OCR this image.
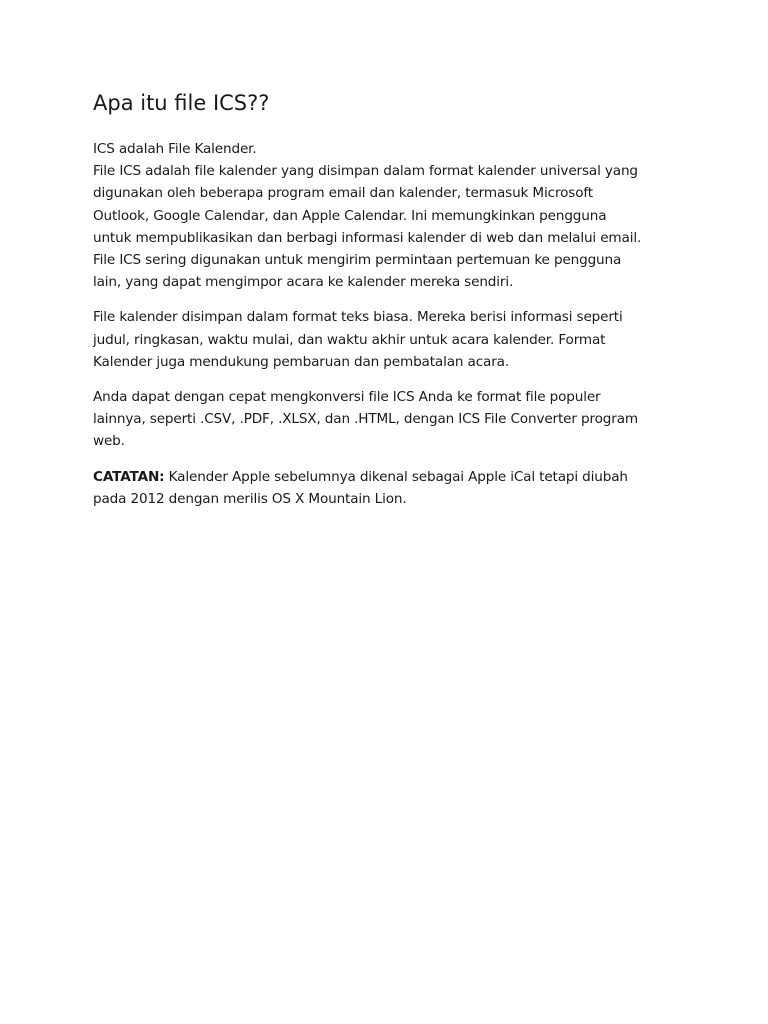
Apa itu file ICS??

ICS adalah File Kalender.
File ICS adalah file kalender yang disimpan dalam format kalender universal yang
digunakan oleh beberapa program email dan kalender, termasuk Microsoft
Outlook, Google Calendar, dan Apple Calendar. Ini memungkinkan pengguna
untuk mempublikasikan dan berbagi informasi kalender di web dan melalui email.
File ICS sering digunakan untuk mengirim permintaan pertemuan ke pengguna
lain, yang dapat mengimpor acara ke kalender mereka sendiri.

File kalender disimpan dalam format teks biasa. Mereka berisi informasi seperti
judul, ringkasan, waktu mulai, dan waktu akhir untuk acara kalender. Format
Kalender juga mendukung pembaruan dan pembatalan acara.

Anda dapat dengan cepat mengkonversi file ICS Anda ke format file populer
lainnya, seperti .CSV, .PDF, .XLSX, dan .HTML, dengan ICS File Converter program
web.

CATATAN: Kalender Apple sebelumnya dikenal sebagai Apple iCal tetapi diubah
pada 2012 dengan merilis OS X Mountain Lion.
